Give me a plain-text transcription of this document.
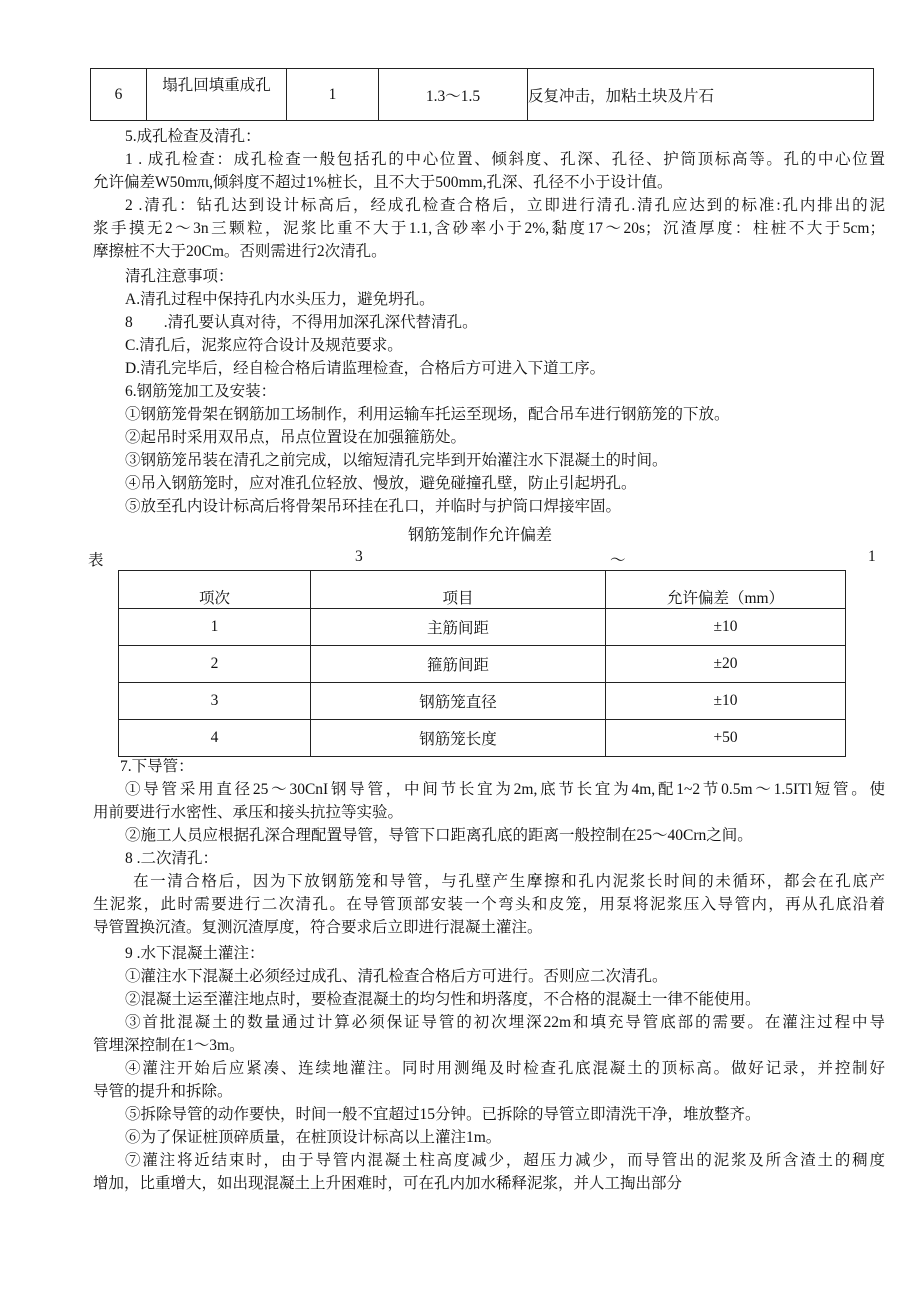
6	塌孔回填重成孔	1	1.3～1.5	反复冲击，加粘土块及片石
5.成孔检查及清孔：
1 . 成孔检查：成孔检查一般包括孔的中心位置、倾斜度、孔深、孔径、护筒顶标高等。孔的中心位置
允许偏差W50mπι,倾斜度不超过1%桩长，且不大于500mm,孔深、孔径不小于设计值。
2 .清孔：钻孔达到设计标高后，经成孔检查合格后，立即进行清孔.清孔应达到的标准:孔内排出的泥
浆手摸无2～3n三颗粒，泥浆比重不大于1.1,含砂率小于2%,黏度17～20s；沉渣厚度：柱桩不大于5cm；
摩擦桩不大于20Cm。否则需进行2次清孔。
清孔注意事项：
A.清孔过程中保持孔内水头压力，避免坍孔。
8　　.清孔要认真对待，不得用加深孔深代替清孔。
C.清孔后，泥浆应符合设计及规范要求。
D.清孔完毕后，经自检合格后请监理检查，合格后方可进入下道工序。
6.钢筋笼加工及安装：
①钢筋笼骨架在钢筋加工场制作，利用运输车托运至现场，配合吊车进行钢筋笼的下放。
②起吊时采用双吊点，吊点位置设在加强箍筋处。
③钢筋笼吊装在清孔之前完成，以缩短清孔完毕到开始灌注水下混凝土的时间。
④吊入钢筋笼时，应对准孔位轻放、慢放，避免碰撞孔壁，防止引起坍孔。
⑤放至孔内设计标高后将骨架吊环挂在孔口，并临时与护筒口焊接牢固。
钢筋笼制作允许偏差
表	3	～	1
项次	项目	允许偏差（mm）
1	主筋间距	±10
2	箍筋间距	±20
3	钢筋笼直径	±10
4	钢筋笼长度	+50
7.下导管：
①导管采用直径25～30CnI钢导管，中间节长宜为2m,底节长宜为4m,配1~2节0.5m～1.5ITl短管。使
用前要进行水密性、承压和接头抗拉等实验。
②施工人员应根据孔深合理配置导管，导管下口距离孔底的距离一般控制在25～40Crn之间。
8 .二次清孔：
在一清合格后，因为下放钢筋笼和导管，与孔壁产生摩擦和孔内泥浆长时间的未循环，都会在孔底产
生泥浆，此时需要进行二次清孔。在导管顶部安装一个弯头和皮笼，用泵将泥浆压入导管内，再从孔底沿着
导管置换沉渣。复测沉渣厚度，符合要求后立即进行混凝土灌注。
9 .水下混凝土灌注：
①灌注水下混凝土必须经过成孔、清孔检查合格后方可进行。否则应二次清孔。
②混凝土运至灌注地点时，要检查混凝土的均匀性和坍落度，不合格的混凝土一律不能使用。
③首批混凝土的数量通过计算必须保证导管的初次埋深22m和填充导管底部的需要。在灌注过程中导
管埋深控制在1～3m。
④灌注开始后应紧凑、连续地灌注。同时用测绳及时检查孔底混凝土的顶标高。做好记录，并控制好
导管的提升和拆除。
⑤拆除导管的动作要快，时间一般不宜超过15分钟。已拆除的导管立即清洗干净，堆放整齐。
⑥为了保证桩顶碎质量，在桩顶设计标高以上灌注1m。
⑦灌注将近结束时，由于导管内混凝土柱高度减少，超压力减少，而导管出的泥浆及所含渣土的稠度
增加，比重增大，如出现混凝土上升困难时，可在孔内加水稀释泥浆，并人工掏出部分
